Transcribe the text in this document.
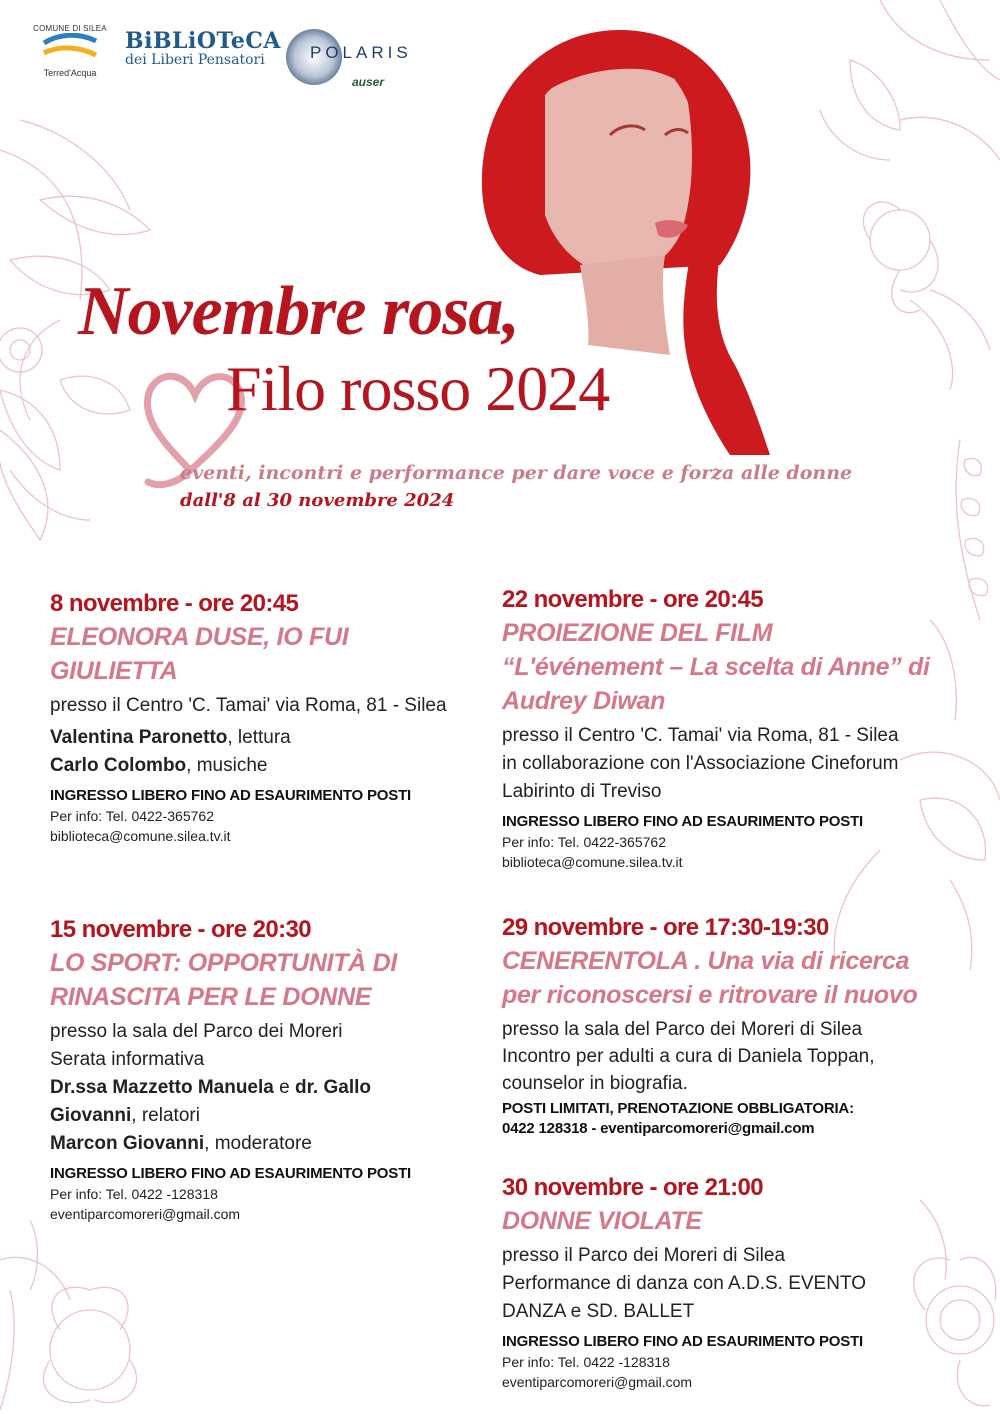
COMUNE DI SILEA
Terred'Acqua
BiBLiOTeCA
dei Liberi Pensatori	POLARIS
auser
Novembre rosa,
Filo rosso 2024
eventi, incontri e performance per dare voce e forza alle donne
dall'8 al 30 novembre 2024
8 novembre - ore 20:45
ELEONORA DUSE, IO FUI
GIULIETTA
presso il Centro 'C. Tamai' via Roma, 81 - Silea
Valentina Paronetto, lettura
Carlo Colombo, musiche
INGRESSO LIBERO FINO AD ESAURIMENTO POSTI
Per info: Tel. 0422-365762
biblioteca@comune.silea.tv.it
22 novembre - ore 20:45
PROIEZIONE DEL FILM
“L'événement – La scelta di Anne” di
Audrey Diwan
presso il Centro 'C. Tamai' via Roma, 81 - Silea
in collaborazione con l'Associazione Cineforum
Labirinto di Treviso
INGRESSO LIBERO FINO AD ESAURIMENTO POSTI
Per info: Tel. 0422-365762
biblioteca@comune.silea.tv.it
15 novembre - ore 20:30
LO SPORT: OPPORTUNITÀ DI
RINASCITA PER LE DONNE
presso la sala del Parco dei Moreri
Serata informativa
Dr.ssa Mazzetto Manuela e dr. Gallo
Giovanni, relatori
Marcon Giovanni, moderatore
INGRESSO LIBERO FINO AD ESAURIMENTO POSTI
Per info: Tel. 0422 -128318
eventiparcomoreri@gmail.com
29 novembre - ore 17:30-19:30
CENERENTOLA . Una via di ricerca
per riconoscersi e ritrovare il nuovo
presso la sala del Parco dei Moreri di Silea
Incontro per adulti a cura di Daniela Toppan,
counselor in biografia.
POSTI LIMITATI, PRENOTAZIONE OBBLIGATORIA:
0422 128318 - eventiparcomoreri@gmail.com
30 novembre - ore 21:00
DONNE VIOLATE
presso il Parco dei Moreri di Silea
Performance di danza con A.D.S. EVENTO
DANZA e SD. BALLET
INGRESSO LIBERO FINO AD ESAURIMENTO POSTI
Per info: Tel. 0422 -128318
eventiparcomoreri@gmail.com
